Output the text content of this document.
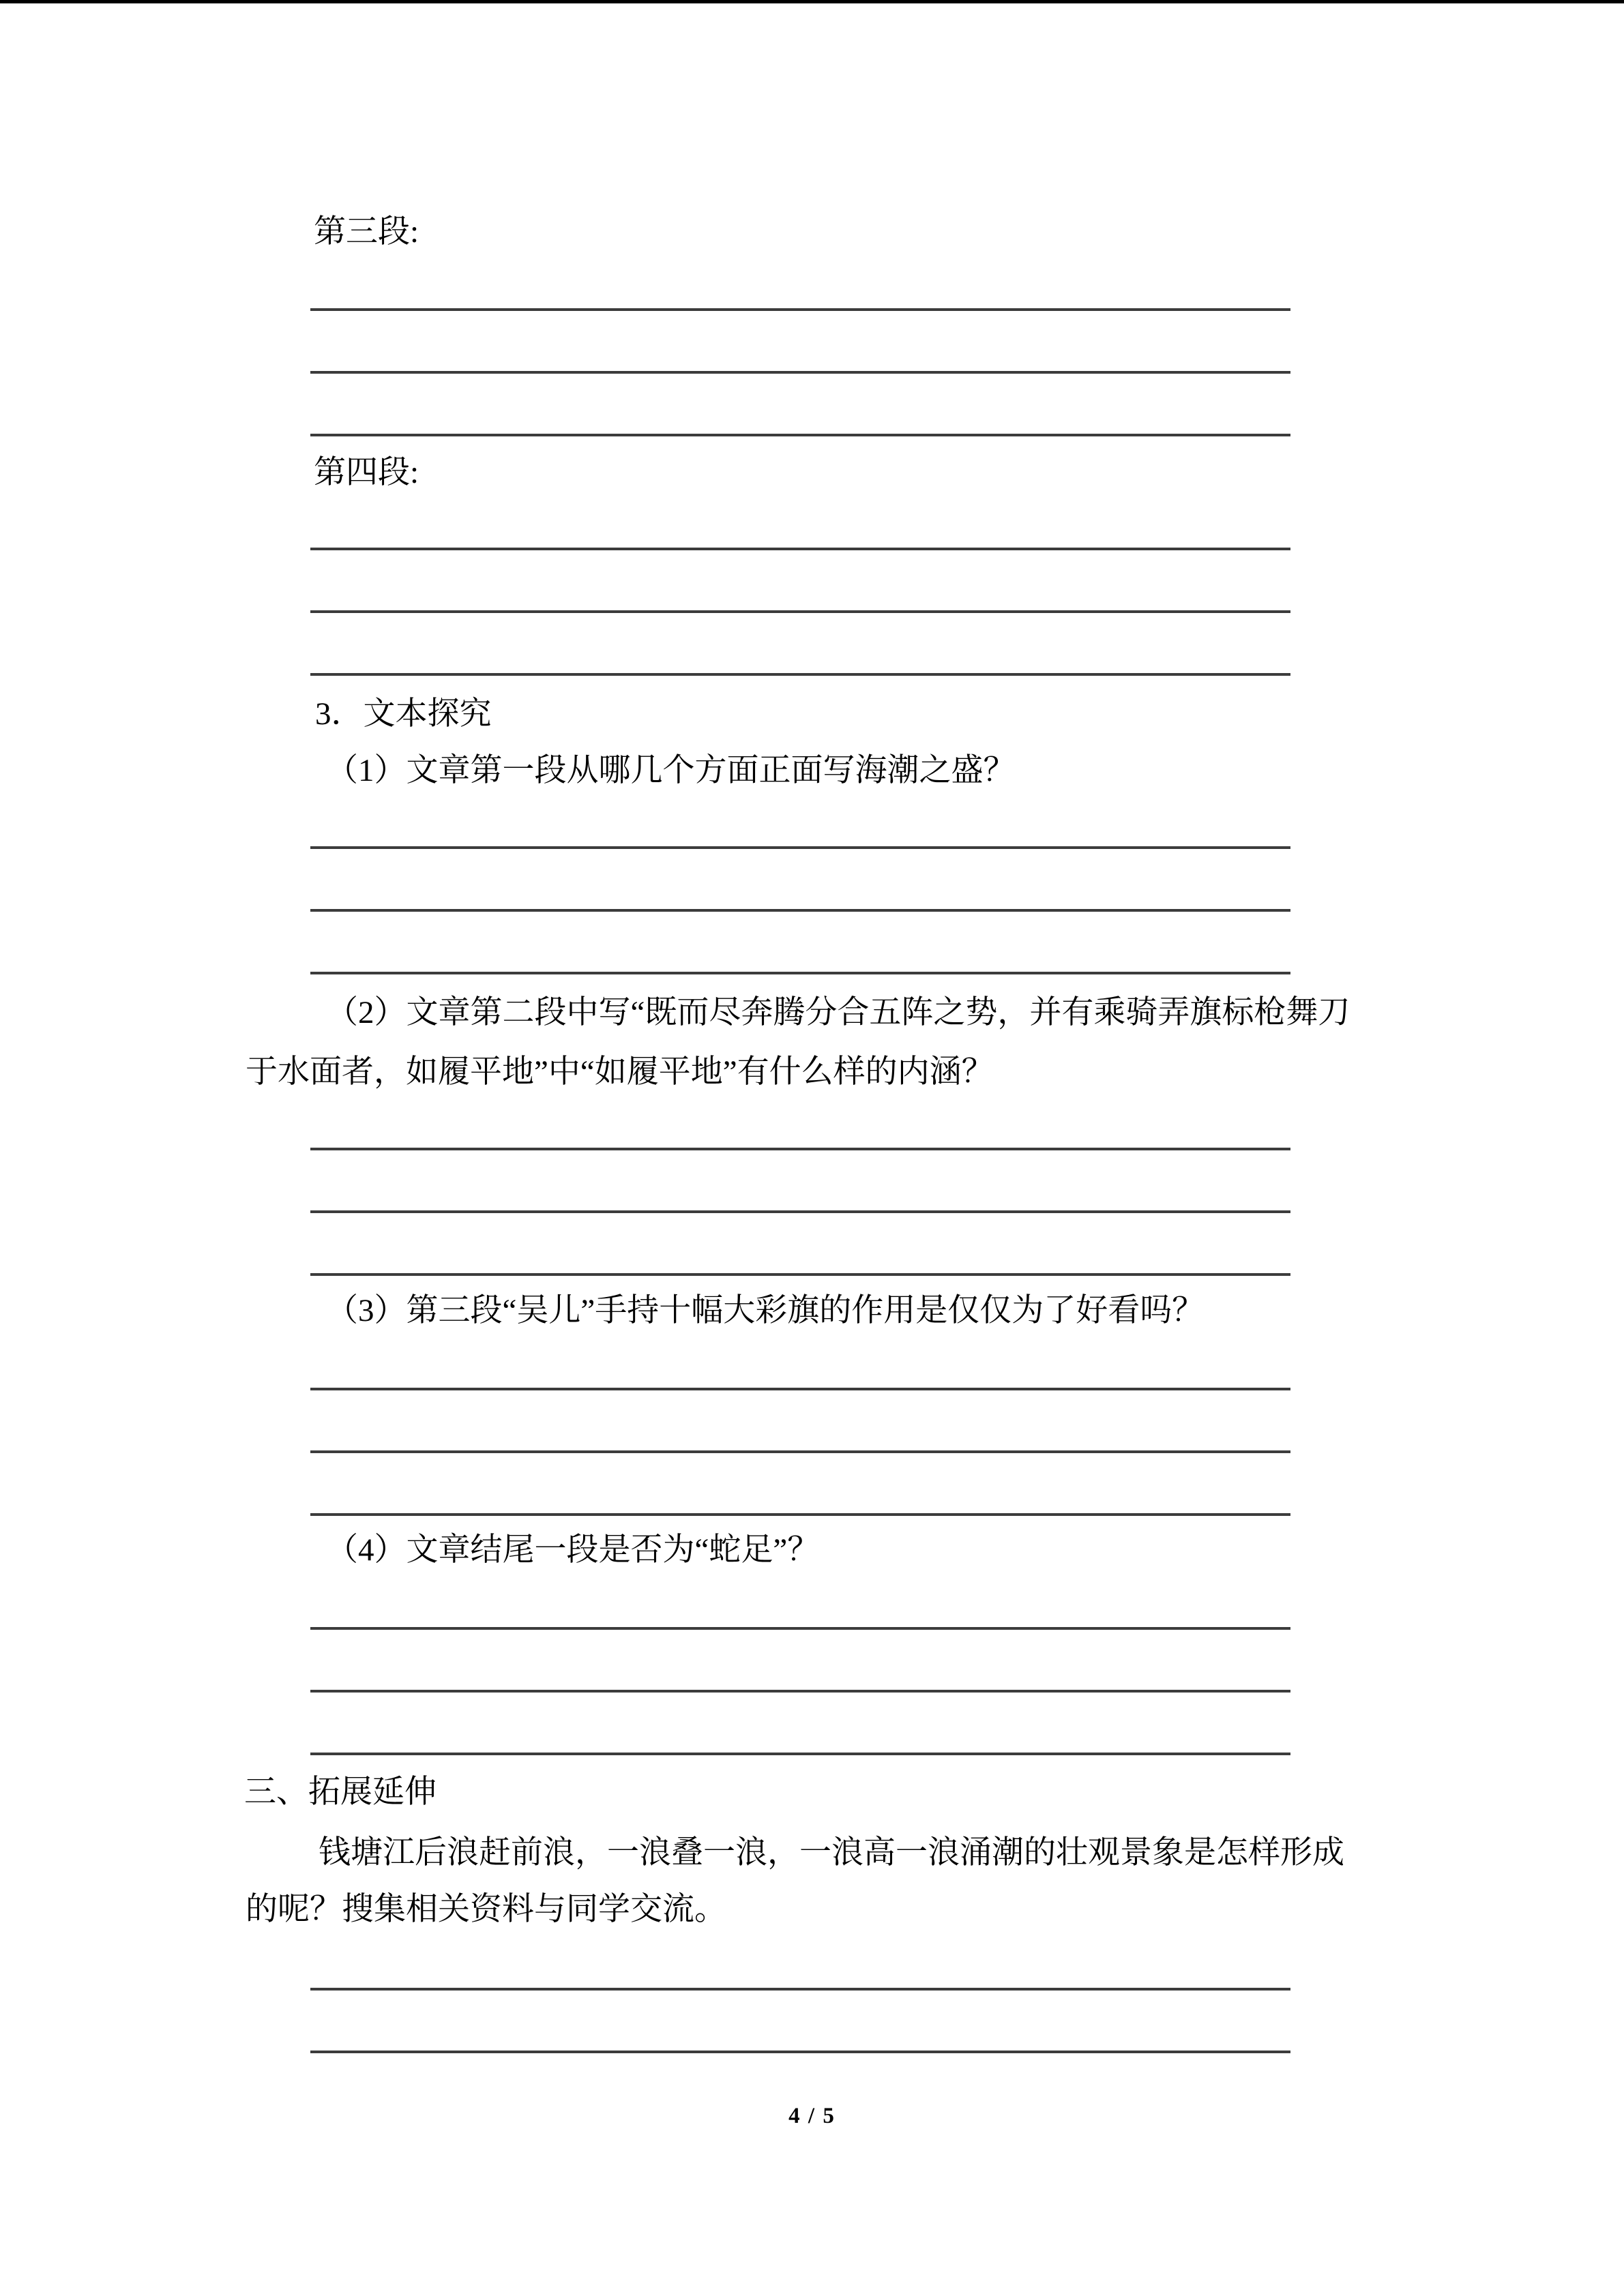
第三段:
第四段:
3．文本探究
（1）文章第一段从哪几个方面正面写海潮之盛？
（2）文章第二段中写“既而尽奔腾分合五阵之势，并有乘骑弄旗标枪舞刀
于水面者，如履平地”中“如履平地”有什么样的内涵？
（3）第三段“吴儿”手持十幅大彩旗的作用是仅仅为了好看吗？
（4）文章结尾一段是否为“蛇足”？
三、拓展延伸
钱塘江后浪赶前浪，一浪叠一浪，一浪高一浪涌潮的壮观景象是怎样形成
的呢？搜集相关资料与同学交流。
4 / 5
